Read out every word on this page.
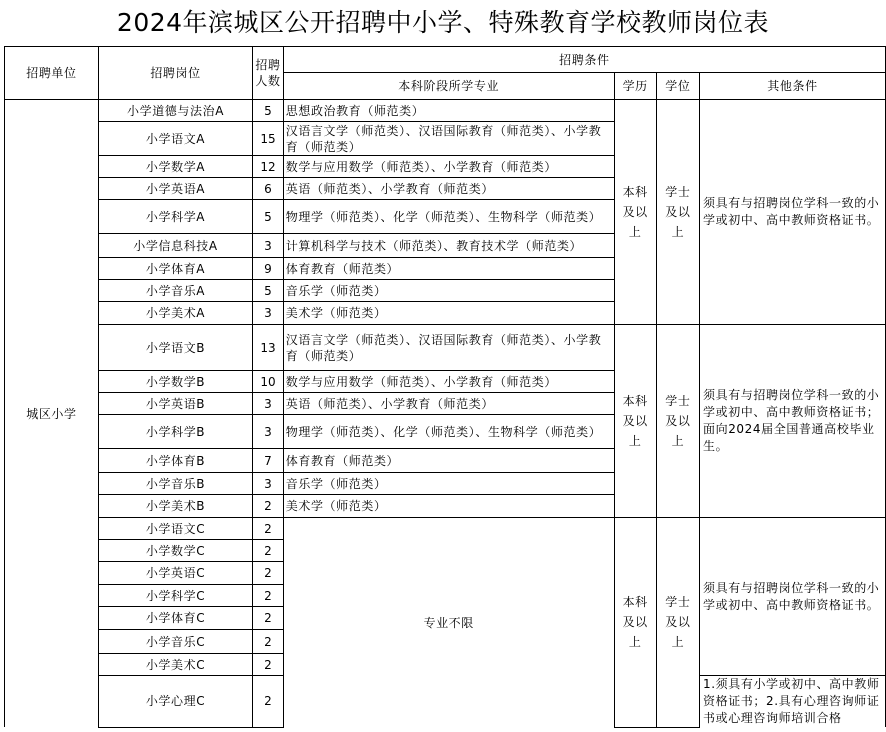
2024年滨城区公开招聘中小学、特殊教育学校教师岗位表
招聘单位	招聘岗位	招聘人数	招聘条件			
			本科阶段所学专业	学历	学位	其他条件
城区小学	小学道德与法治A	5	思想政治教育（师范类）	本科及以上	学士及以上	须具有与招聘岗位学科一致的小学或初中、高中教师资格证书。
	小学语文A	15	汉语言文学（师范类）、汉语国际教育（师范类）、小学教育（师范类）			
	小学数学A	12	数学与应用数学（师范类）、小学教育（师范类）			
	小学英语A	6	英语（师范类）、小学教育（师范类）			
	小学科学A	5	物理学（师范类）、化学（师范类）、生物科学（师范类）			
	小学信息科技A	3	计算机科学与技术（师范类）、教育技术学（师范类）			
	小学体育A	9	体育教育（师范类）			
	小学音乐A	5	音乐学（师范类）			
	小学美术A	3	美术学（师范类）			
	小学语文B	13	汉语言文学（师范类）、汉语国际教育（师范类）、小学教育（师范类）	本科及以上	学士及以上	须具有与招聘岗位学科一致的小学或初中、高中教师资格证书；面向2024届全国普通高校毕业生。
	小学数学B	10	数学与应用数学（师范类）、小学教育（师范类）			
	小学英语B	3	英语（师范类）、小学教育（师范类）			
	小学科学B	3	物理学（师范类）、化学（师范类）、生物科学（师范类）			
	小学体育B	7	体育教育（师范类）			
	小学音乐B	3	音乐学（师范类）			
	小学美术B	2	美术学（师范类）			
	小学语文C	2	专业不限	本科及以上	学士及以上	须具有与招聘岗位学科一致的小学或初中、高中教师资格证书。
	小学数学C	2				
	小学英语C	2				
	小学科学C	2				
	小学体育C	2				
	小学音乐C	2				
	小学美术C	2				
	小学心理C	2				1.须具有小学或初中、高中教师资格证书；2.具有心理咨询师证书或心理咨询师培训合格
